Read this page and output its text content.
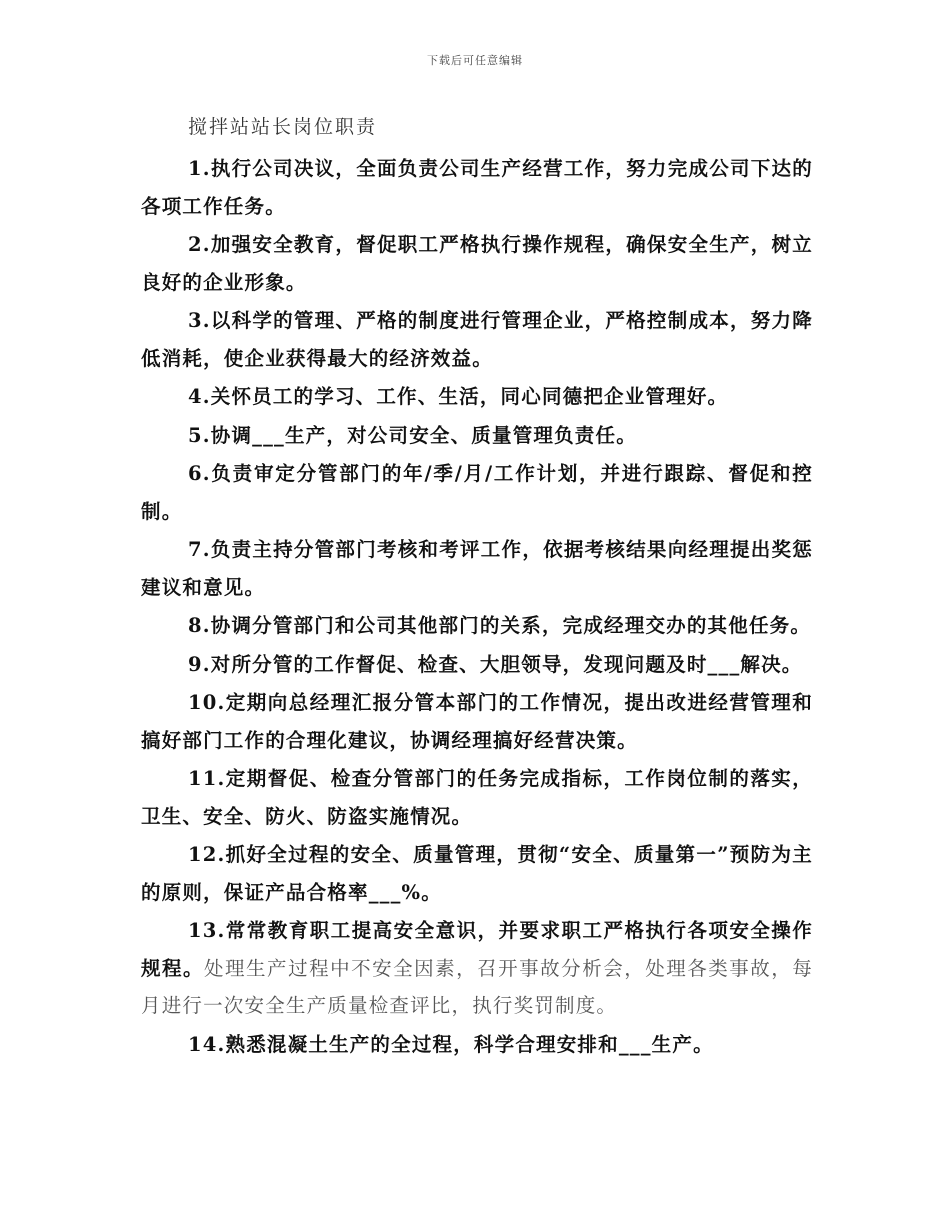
下载后可任意编辑
搅拌站站长岗位职责

1.执行公司决议，全面负责公司生产经营工作，努力完成公司下达的各项工作任务。

2.加强安全教育，督促职工严格执行操作规程，确保安全生产，树立良好的企业形象。

3.以科学的管理、严格的制度进行管理企业，严格控制成本，努力降低消耗，使企业获得最大的经济效益。

4.关怀员工的学习、工作、生活，同心同德把企业管理好。

5.协调___生产，对公司安全、质量管理负责任。

6.负责审定分管部门的年/季/月/工作计划，并进行跟踪、督促和控制。

7.负责主持分管部门考核和考评工作，依据考核结果向经理提出奖惩建议和意见。

8.协调分管部门和公司其他部门的关系，完成经理交办的其他任务。

9.对所分管的工作督促、检查、大胆领导，发现问题及时___解决。

10.定期向总经理汇报分管本部门的工作情况，提出改进经营管理和搞好部门工作的合理化建议，协调经理搞好经营决策。

11.定期督促、检查分管部门的任务完成指标，工作岗位制的落实，卫生、安全、防火、防盗实施情况。

12.抓好全过程的安全、质量管理，贯彻“安全、质量第一”预防为主的原则，保证产品合格率___%。

13.常常教育职工提高安全意识，并要求职工严格执行各项安全操作规程。处理生产过程中不安全因素，召开事故分析会，处理各类事故，每月进行一次安全生产质量检查评比，执行奖罚制度。

14.熟悉混凝土生产的全过程，科学合理安排和___生产。
